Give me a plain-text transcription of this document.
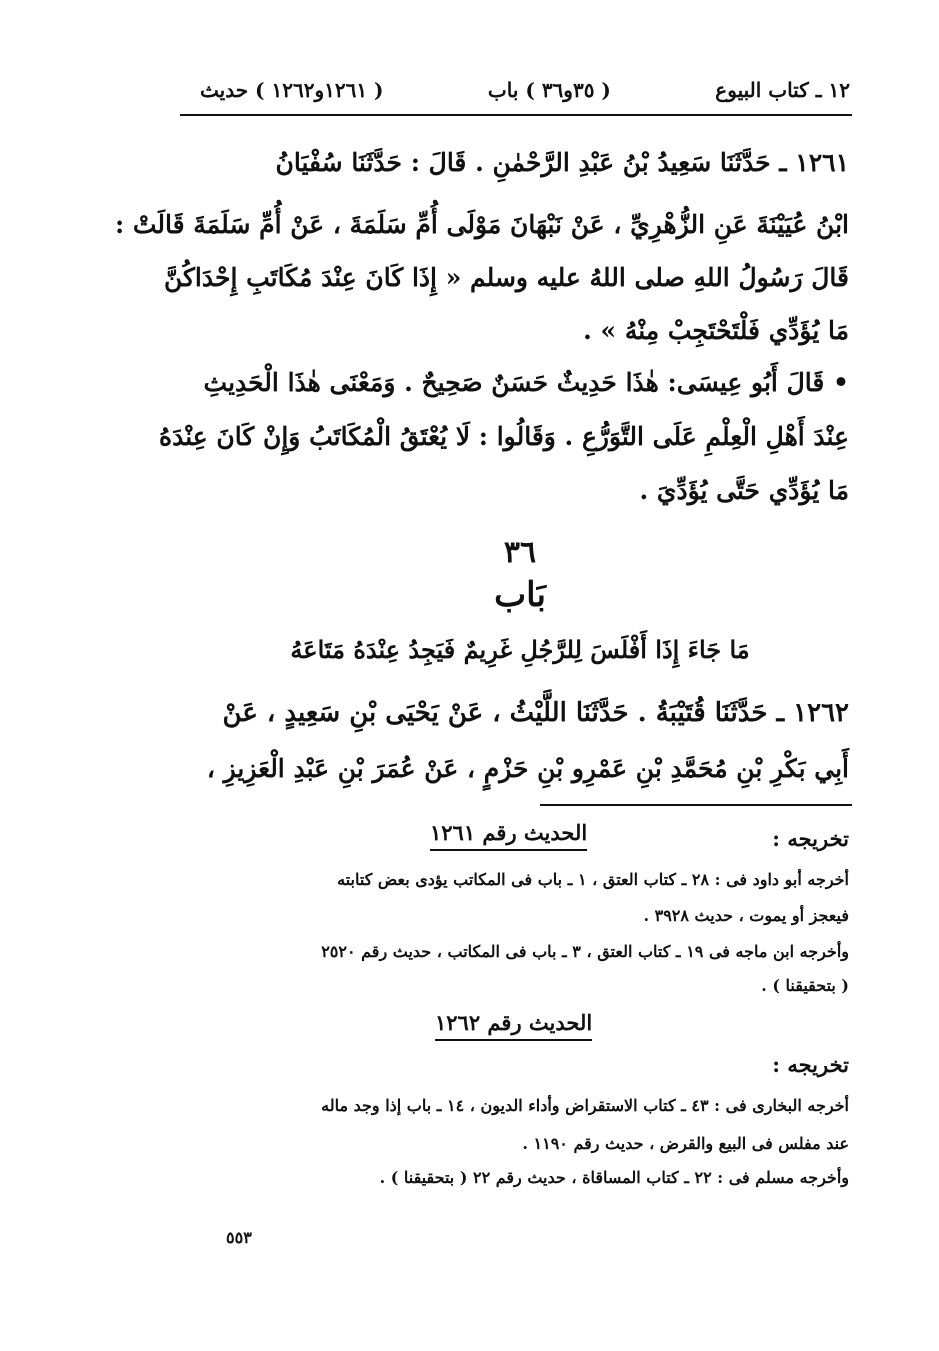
١٢ ـ كتاب البيوع
( ٣٥و٣٦ ) باب
( ١٢٦١و١٢٦٢ ) حديث
١٢٦١ ـ حَدَّثَنَا سَعِيدُ بْنُ عَبْدِ الرَّحْمٰنِ . قَالَ : حَدَّثَنَا سُفْيَانُ
ابْنُ عُيَيْنَةَ عَنِ الزُّهْرِيِّ ، عَنْ نَبْهَانَ مَوْلَى أُمِّ سَلَمَةَ ، عَنْ أُمِّ سَلَمَةَ قَالَتْ :
قَالَ رَسُولُ اللهِ صلى اللهُ عليه وسلم « إِذَا كَانَ عِنْدَ مُكَاتَبِ إِحْدَاكُنَّ
مَا يُؤَدِّي فَلْتَحْتَجِبْ مِنْهُ » .
• قَالَ أَبُو عِيسَى: هٰذَا حَدِيثٌ حَسَنٌ صَحِيحٌ . وَمَعْنَى هٰذَا الْحَدِيثِ
عِنْدَ أَهْلِ الْعِلْمِ عَلَى التَّوَرُّعِ . وَقَالُوا : لَا يُعْتَقُ الْمُكَاتَبُ وَإِنْ كَانَ عِنْدَهُ
مَا يُؤَدِّي حَتَّى يُؤَدِّيَ .
٣٦
بَاب
مَا جَاءَ إِذَا أَفْلَسَ لِلرَّجُلِ غَرِيمٌ فَيَجِدُ عِنْدَهُ مَتَاعَهُ
١٢٦٢ ـ حَدَّثَنَا قُتَيْبَةُ . حَدَّثَنَا اللَّيْثُ ، عَنْ يَحْيَى بْنِ سَعِيدٍ ، عَنْ
أَبِي بَكْرِ بْنِ مُحَمَّدِ بْنِ عَمْرِو بْنِ حَزْمٍ ، عَنْ عُمَرَ بْنِ عَبْدِ الْعَزِيزِ ،
تخريجه :
الحديث رقم ١٢٦١
أخرجه أبو داود فى : ٢٨ ـ كتاب العتق ، ١ ـ باب فى المكاتب يؤدى بعض كتابته
فيعجز أو يموت ، حديث ٣٩٢٨ .
وأخرجه ابن ماجه فى ١٩ ـ كتاب العتق ، ٣ ـ باب فى المكاتب ، حديث رقم ٢٥٢٠
( بتحقيقنا ) .
الحديث رقم ١٢٦٢
تخريجه :
أخرجه البخارى فى : ٤٣ ـ كتاب الاستقراض وأداء الديون ، ١٤ ـ باب إذا وجد ماله
عند مفلس فى البيع والقرض ، حديث رقم ١١٩٠ .
وأخرجه مسلم فى : ٢٢ ـ كتاب المساقاة ، حديث رقم ٢٢ ( بتحقيقنا ) .
٥٥٣
